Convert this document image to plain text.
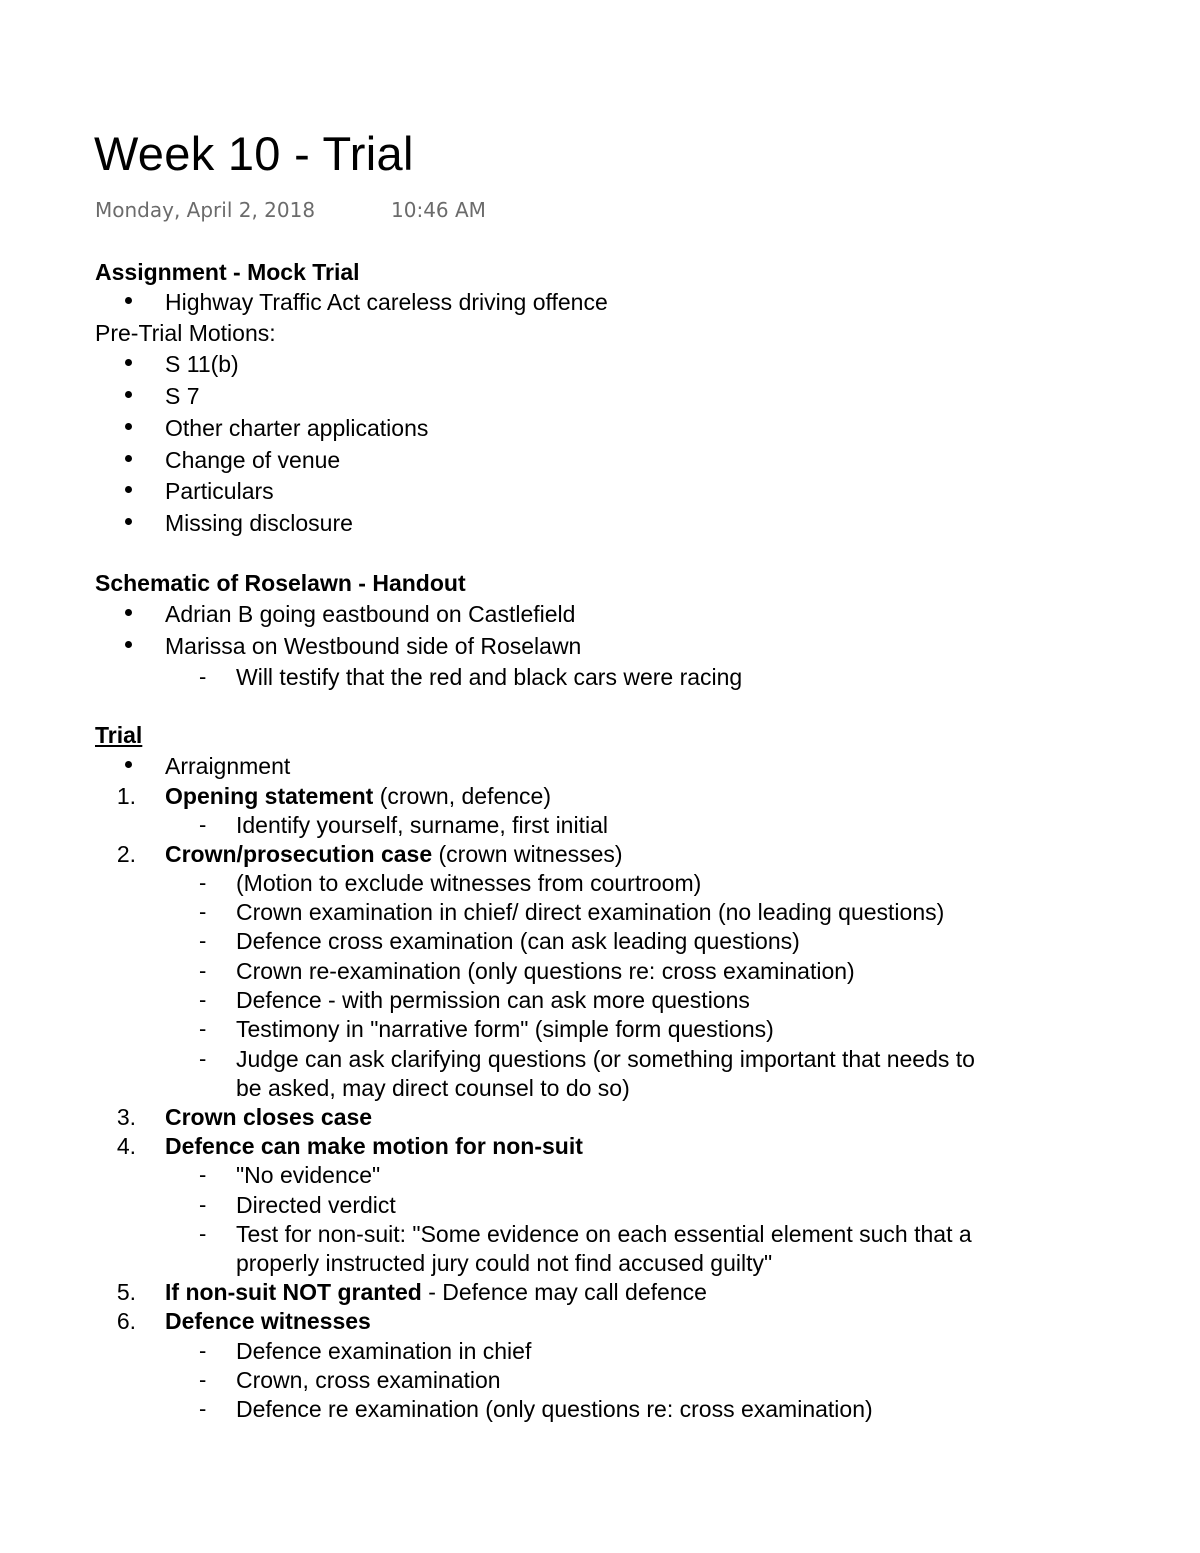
Week 10 - Trial
Monday, April 2, 2018	10:46 AM
Assignment - Mock Trial
Highway Traffic Act careless driving offence
Pre-Trial Motions:
S 11(b)
S 7
Other charter applications
Change of venue
Particulars
Missing disclosure
Schematic of Roselawn - Handout
Adrian B going eastbound on Castlefield
Marissa on Westbound side of Roselawn
- Will testify that the red and black cars were racing
Trial
Arraignment
1. Opening statement (crown, defence)
- Identify yourself, surname, first initial
2. Crown/prosecution case (crown witnesses)
- (Motion to exclude witnesses from courtroom)
- Crown examination in chief/ direct examination (no leading questions)
- Defence cross examination (can ask leading questions)
- Crown re-examination (only questions re: cross examination)
- Defence - with permission can ask more questions
- Testimony in "narrative form" (simple form questions)
- Judge can ask clarifying questions (or something important that needs to
be asked, may direct counsel to do so)
3. Crown closes case
4. Defence can make motion for non-suit
- "No evidence"
- Directed verdict
- Test for non-suit: "Some evidence on each essential element such that a
properly instructed jury could not find accused guilty"
5. If non-suit NOT granted - Defence may call defence
6. Defence witnesses
- Defence examination in chief
- Crown, cross examination
- Defence re examination (only questions re: cross examination)
